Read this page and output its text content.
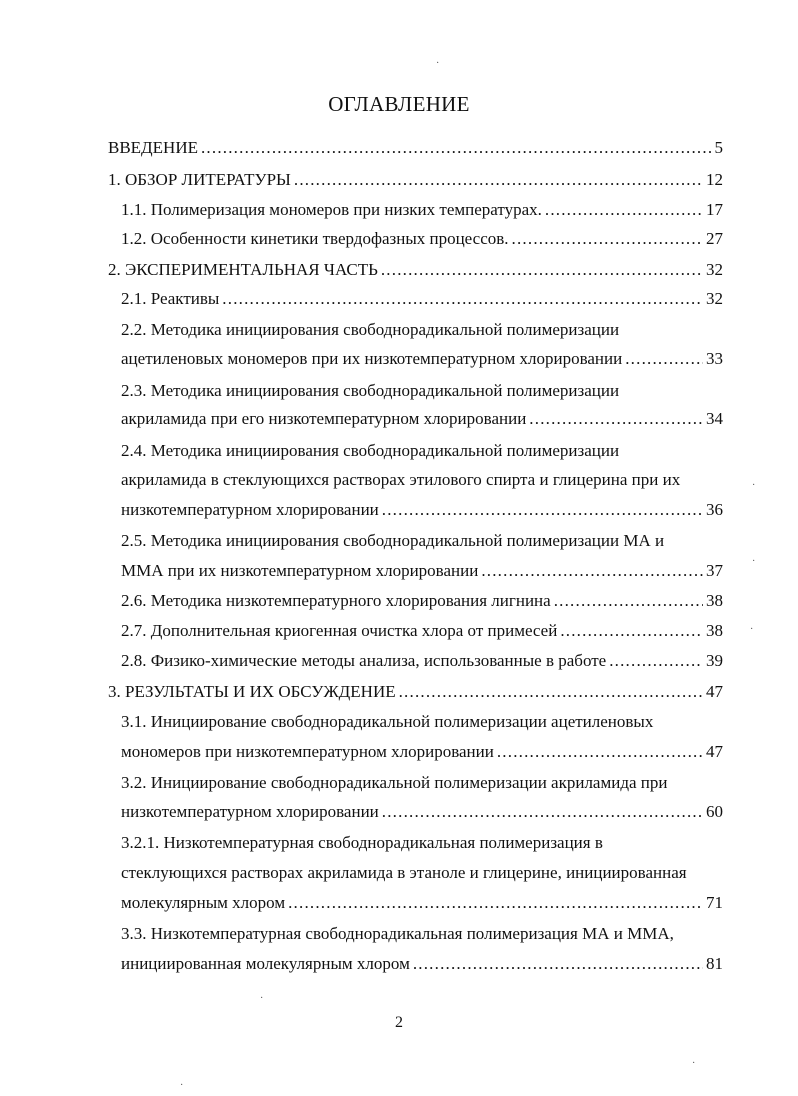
ОГЛАВЛЕНИЕ
ВВЕДЕНИЕ .....	5
1. ОБЗОР ЛИТЕРАТУРЫ .....	12
1.1. Полимеризация мономеров при низких температурах. .....	17
1.2. Особенности кинетики твердофазных процессов. .....	27
2. ЭКСПЕРИМЕНТАЛЬНАЯ ЧАСТЬ .....	32
2.1. Реактивы .....	32
2.2. Методика инициирования свободнорадикальной полимеризации
ацетиленовых мономеров при их низкотемпературном хлорировании .....	33
2.3. Методика инициирования свободнорадикальной полимеризации
акриламида при его низкотемпературном хлорировании .....	34
2.4. Методика инициирования свободнорадикальной полимеризации
акриламида в стеклующихся растворах этилового спирта и глицерина при их
низкотемпературном хлорировании .....	36
2.5. Методика инициирования свободнорадикальной полимеризации МА и
ММА при их низкотемпературном хлорировании .....	37
2.6. Методика низкотемпературного хлорирования лигнина .....	38
2.7. Дополнительная криогенная очистка хлора от примесей .....	38
2.8. Физико-химические методы анализа, использованные в работе .....	39
3. РЕЗУЛЬТАТЫ И ИХ ОБСУЖДЕНИЕ .....	47
3.1. Инициирование свободнорадикальной полимеризации ацетиленовых
мономеров при низкотемпературном хлорировании .....	47
3.2. Инициирование свободнорадикальной полимеризации акриламида при
низкотемпературном хлорировании .....	60
3.2.1. Низкотемпературная свободнорадикальная полимеризация в
стеклующихся растворах акриламида в этаноле и глицерине, инициированная
молекулярным хлором .....	71
3.3. Низкотемпературная свободнорадикальная полимеризация МА и ММА,
инициированная молекулярным хлором .....	81
2
·
·
·
·
·
·
·
